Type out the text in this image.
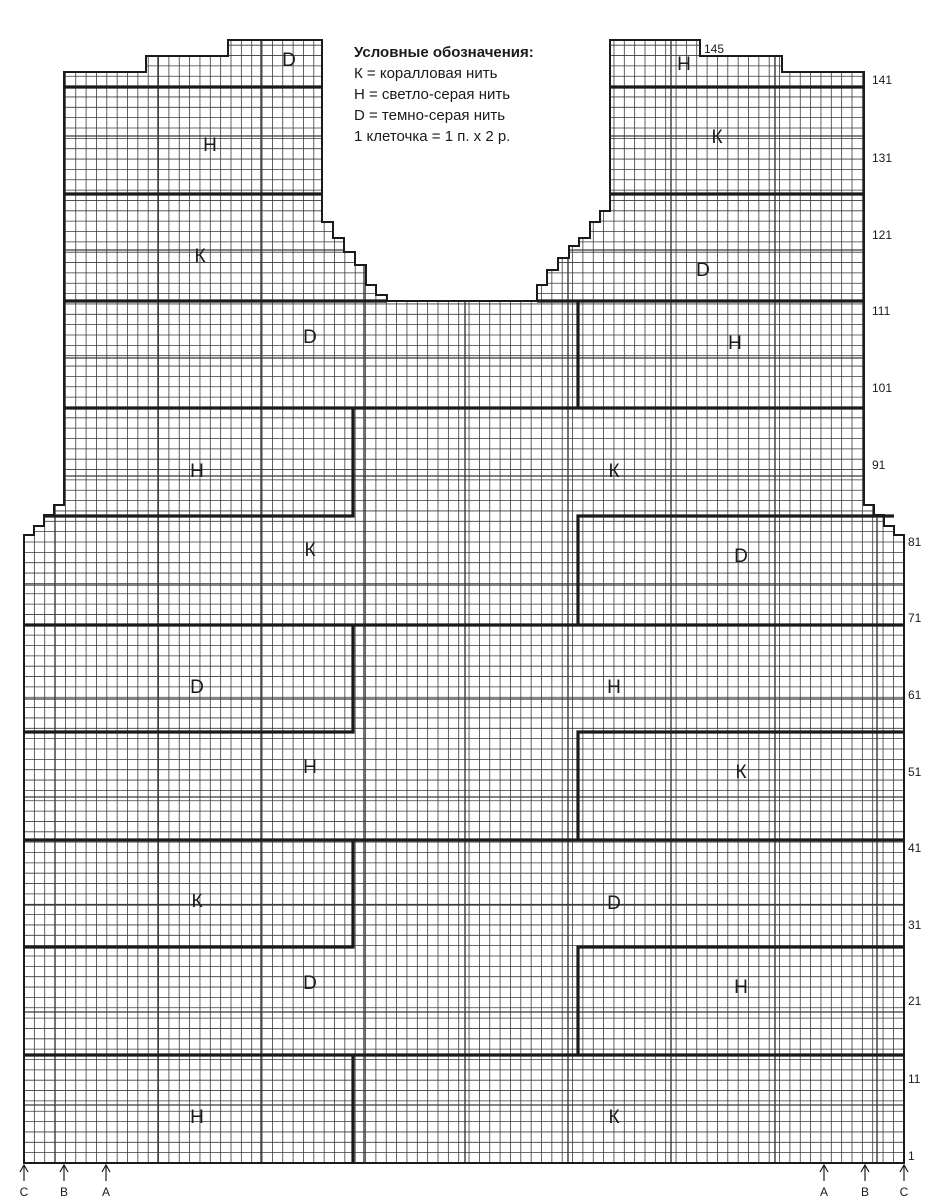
Н	К
D	Н
К	D
Н	К
D	Н
К	D
Н	К
D	Н
К
D
Н	К
D	Н
1
11
21
31
41
51
61
71
81
91
101
111
121
131
141
145
C	B	A	A	B	C
Условные обозначения:
К = коралловая нить
Н = светло-серая нить
D = темно-серая нить
1 клеточка = 1 п. х 2 р.
